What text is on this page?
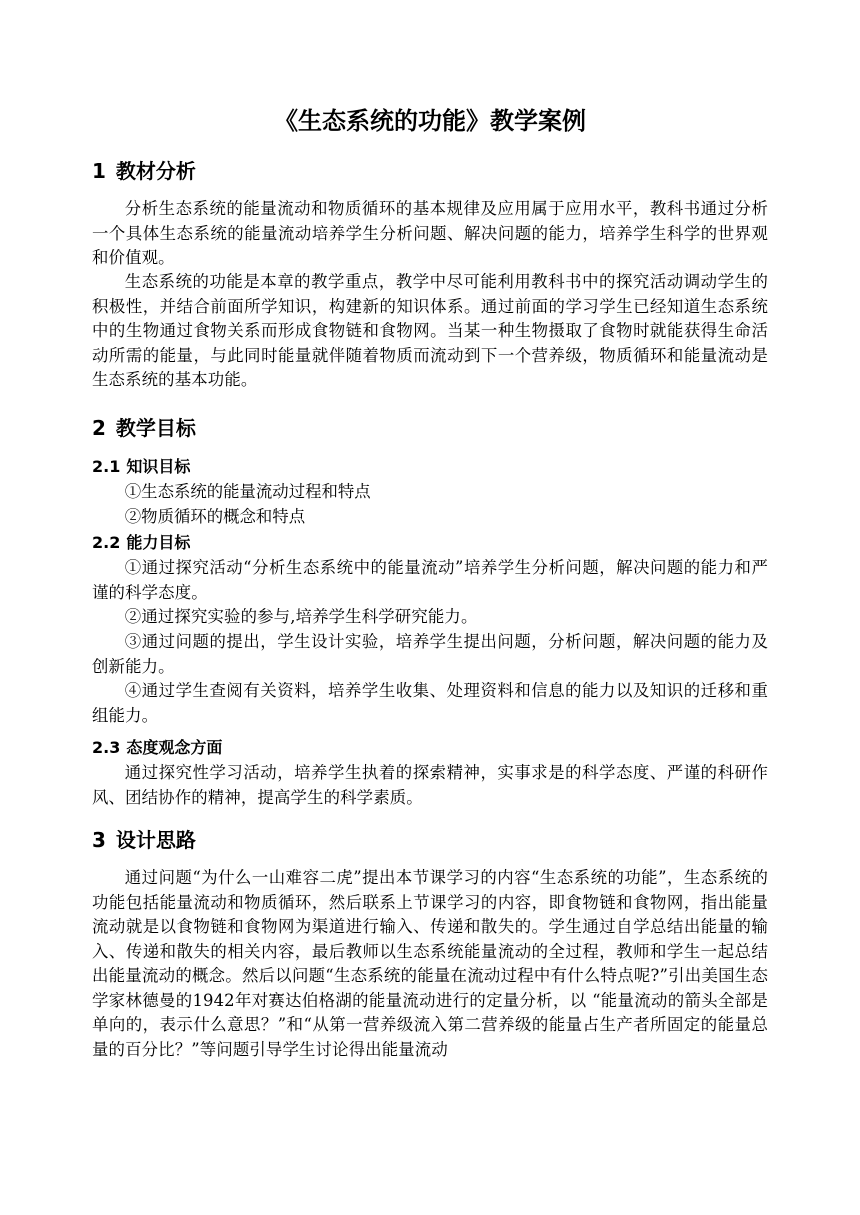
《生态系统的功能》教学案例
1 教材分析
分析生态系统的能量流动和物质循环的基本规律及应用属于应用水平，教科书通过分析一个具体生态系统的能量流动培养学生分析问题、解决问题的能力，培养学生科学的世界观和价值观。
生态系统的功能是本章的教学重点，教学中尽可能利用教科书中的探究活动调动学生的积极性，并结合前面所学知识，构建新的知识体系。通过前面的学习学生已经知道生态系统中的生物通过食物关系而形成食物链和食物网。当某一种生物摄取了食物时就能获得生命活动所需的能量，与此同时能量就伴随着物质而流动到下一个营养级，物质循环和能量流动是生态系统的基本功能。
2 教学目标
2.1 知识目标
①生态系统的能量流动过程和特点
②物质循环的概念和特点
2.2 能力目标
①通过探究活动“分析生态系统中的能量流动”培养学生分析问题，解决问题的能力和严谨的科学态度。
②通过探究实验的参与,培养学生科学研究能力。
③通过问题的提出，学生设计实验，培养学生提出问题，分析问题，解决问题的能力及创新能力。
④通过学生查阅有关资料，培养学生收集、处理资料和信息的能力以及知识的迁移和重组能力。
2.3 态度观念方面
通过探究性学习活动，培养学生执着的探索精神，实事求是的科学态度、严谨的科研作风、团结协作的精神，提高学生的科学素质。
3 设计思路
通过问题“为什么一山难容二虎”提出本节课学习的内容“生态系统的功能”，生态系统的功能包括能量流动和物质循环，然后联系上节课学习的内容，即食物链和食物网，指出能量流动就是以食物链和食物网为渠道进行输入、传递和散失的。学生通过自学总结出能量的输入、传递和散失的相关内容，最后教师以生态系统能量流动的全过程，教师和学生一起总结出能量流动的概念。然后以问题“生态系统的能量在流动过程中有什么特点呢?”引出美国生态学家林德曼的1942年对赛达伯格湖的能量流动进行的定量分析，以 “能量流动的箭头全部是单向的，表示什么意思？”和“从第一营养级流入第二营养级的能量占生产者所固定的能量总量的百分比？”等问题引导学生讨论得出能量流动
